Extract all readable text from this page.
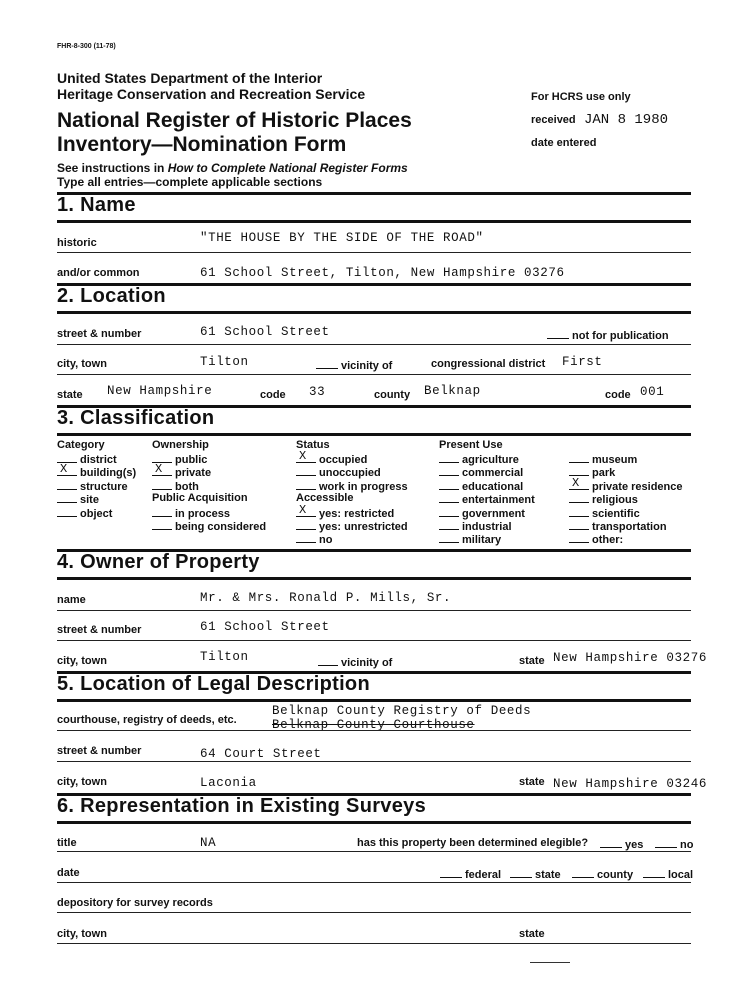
FHR-8-300 (11-78)
United States Department of the Interior
Heritage Conservation and Recreation Service
National Register of Historic Places
Inventory—Nomination Form
See instructions in How to Complete National Register Forms
Type all entries—complete applicable sections
For HCRS use only
received JAN 8 1980
date entered
1. Name
historic	"THE HOUSE BY THE SIDE OF THE ROAD"
and/or common	61 School Street, Tilton, New Hampshire 03276
2. Location
street & number	61 School Street	not for publication
city, town	Tilton	vicinity of	congressional district First
state New Hampshire	code 33	county Belknap	code 001
3. Classification
Category
district
X building(s)
structure
site
object
Ownership
public
X private
both
Public Acquisition
in process
being considered
Status
X occupied
unoccupied
work in progress
Accessible
X yes: restricted
yes: unrestricted
no
Present Use
agriculture
commercial
educational
entertainment
government
industrial
military
museum
park
X private residence
religious
scientific
transportation
other:
4. Owner of Property
name	Mr. & Mrs. Ronald P. Mills, Sr.
street & number	61 School Street
city, town	Tilton	vicinity of	state New Hampshire 03276
5. Location of Legal Description
courthouse, registry of deeds, etc.
Belknap County Registry of Deeds
Belknap County Courthouse
street & number	64 Court Street
city, town	Laconia	state New Hampshire 03246
6. Representation in Existing Surveys
title	NA	has this property been determined elegible?	yes	no
date	federal	state	county	local
depository for survey records
city, town	state
